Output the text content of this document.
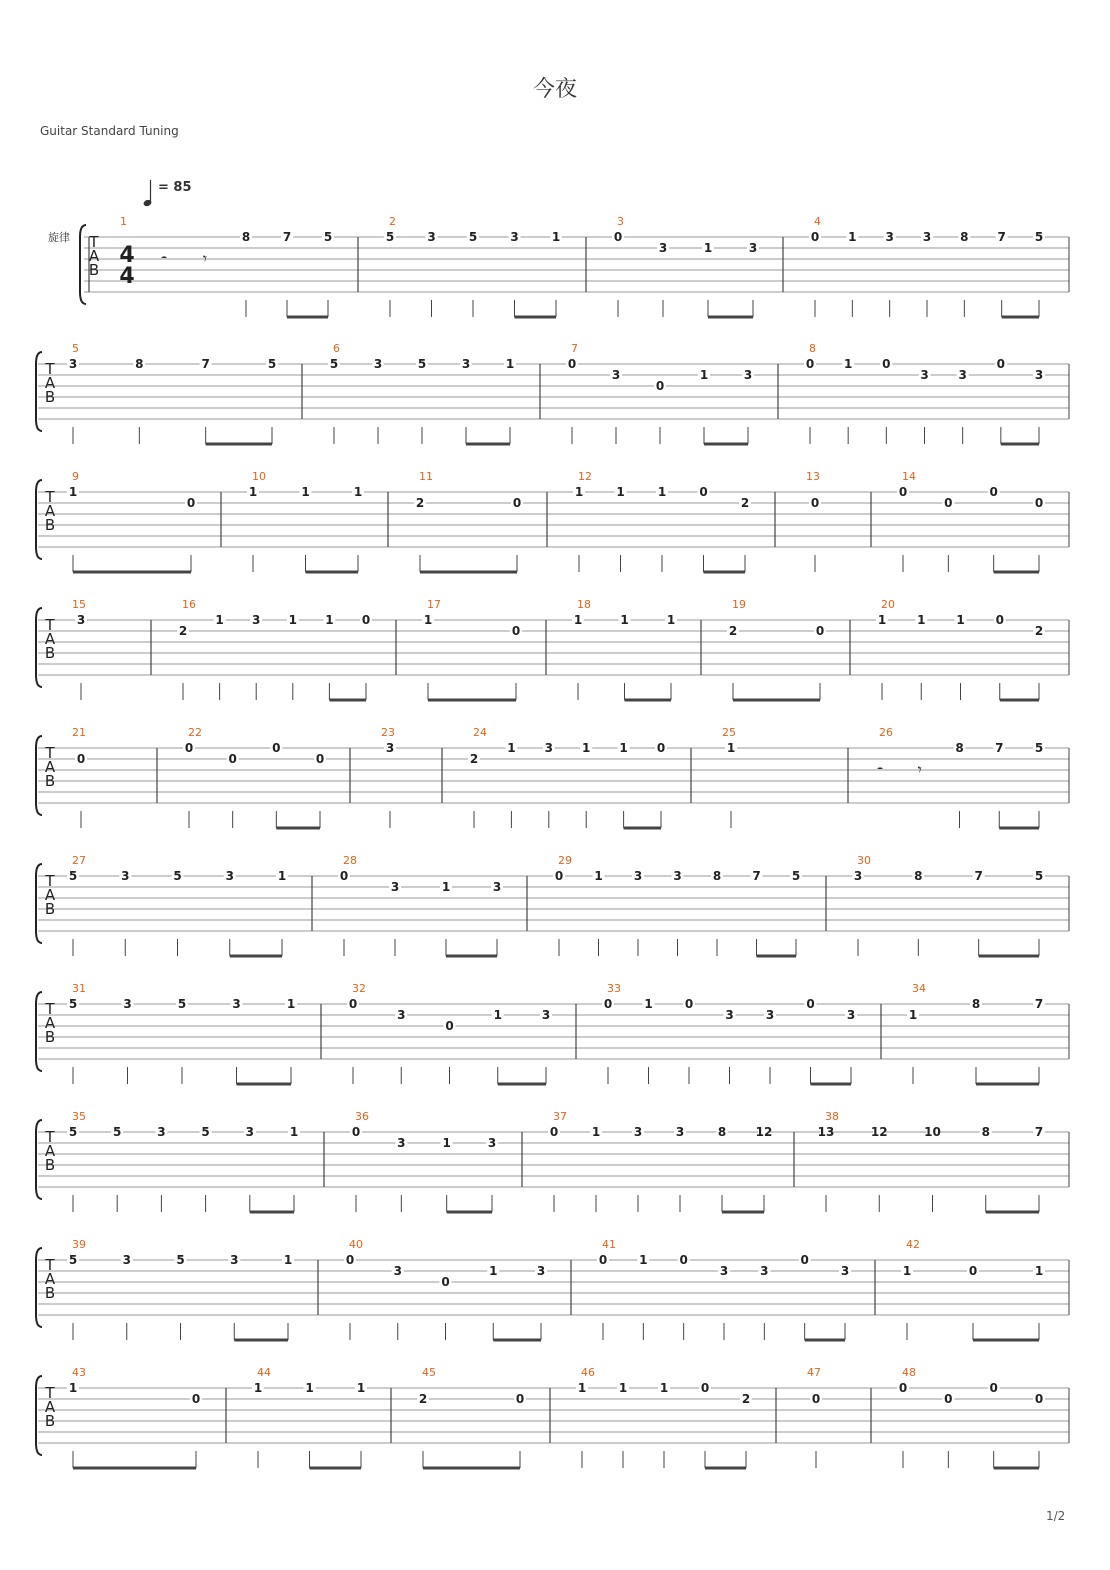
今夜
Guitar Standard Tuning
= 85
旋律 T
A
B
4
4
1
𝄼 𝄾
8	7	5
2
5	3	5	3	1
3
0
3	1	3
4
0 1 3 3 8 7 5
T
A
B
5
3	8	7	5
6
5	3	5	3	1
7
0
3
0
1	3
8
0 1 0
3 3
0
3
T
A
B
9
1
0
10
1	1	1
11
2	0
12
1	1	1	0
2
13
0
14
0
0
0
0
T
A
B
15
3
16
2
1 3 1 1 0
17
1
0
18
1	1	1
19
2	0
20
1	1	1	0
2
T
A
B
21
0
22
0
0
0
0
23
3
24
2
1 3 1 1 0
25
1
26
𝄼 𝄾
8	7	5
T
A
B
27
5	3	5	3	1
28
0
3	1	3
29
0	1	3	3	8	7	5
30
3	8	7	5
T
A
B
31
5	3	5	3	1
32
0
3
0
1	3
33
0	1	0
3	3
0
3
34
1
8	7
T
A
B
35
5	5	3	5	3	1
36
0
3	1	3
37
0	1	3	3	8 12
38
13	12	10	8	7
T
A
B
39
5	3	5	3	1
40
0
3
0
1	3
41
0	1	0
3	3
0
3
42
1	0	1
T
A
B
43
1
0
44
1	1	1
45
2	0
46
1	1	1	0
2
47
0
48
0
0
0
0
1/2
